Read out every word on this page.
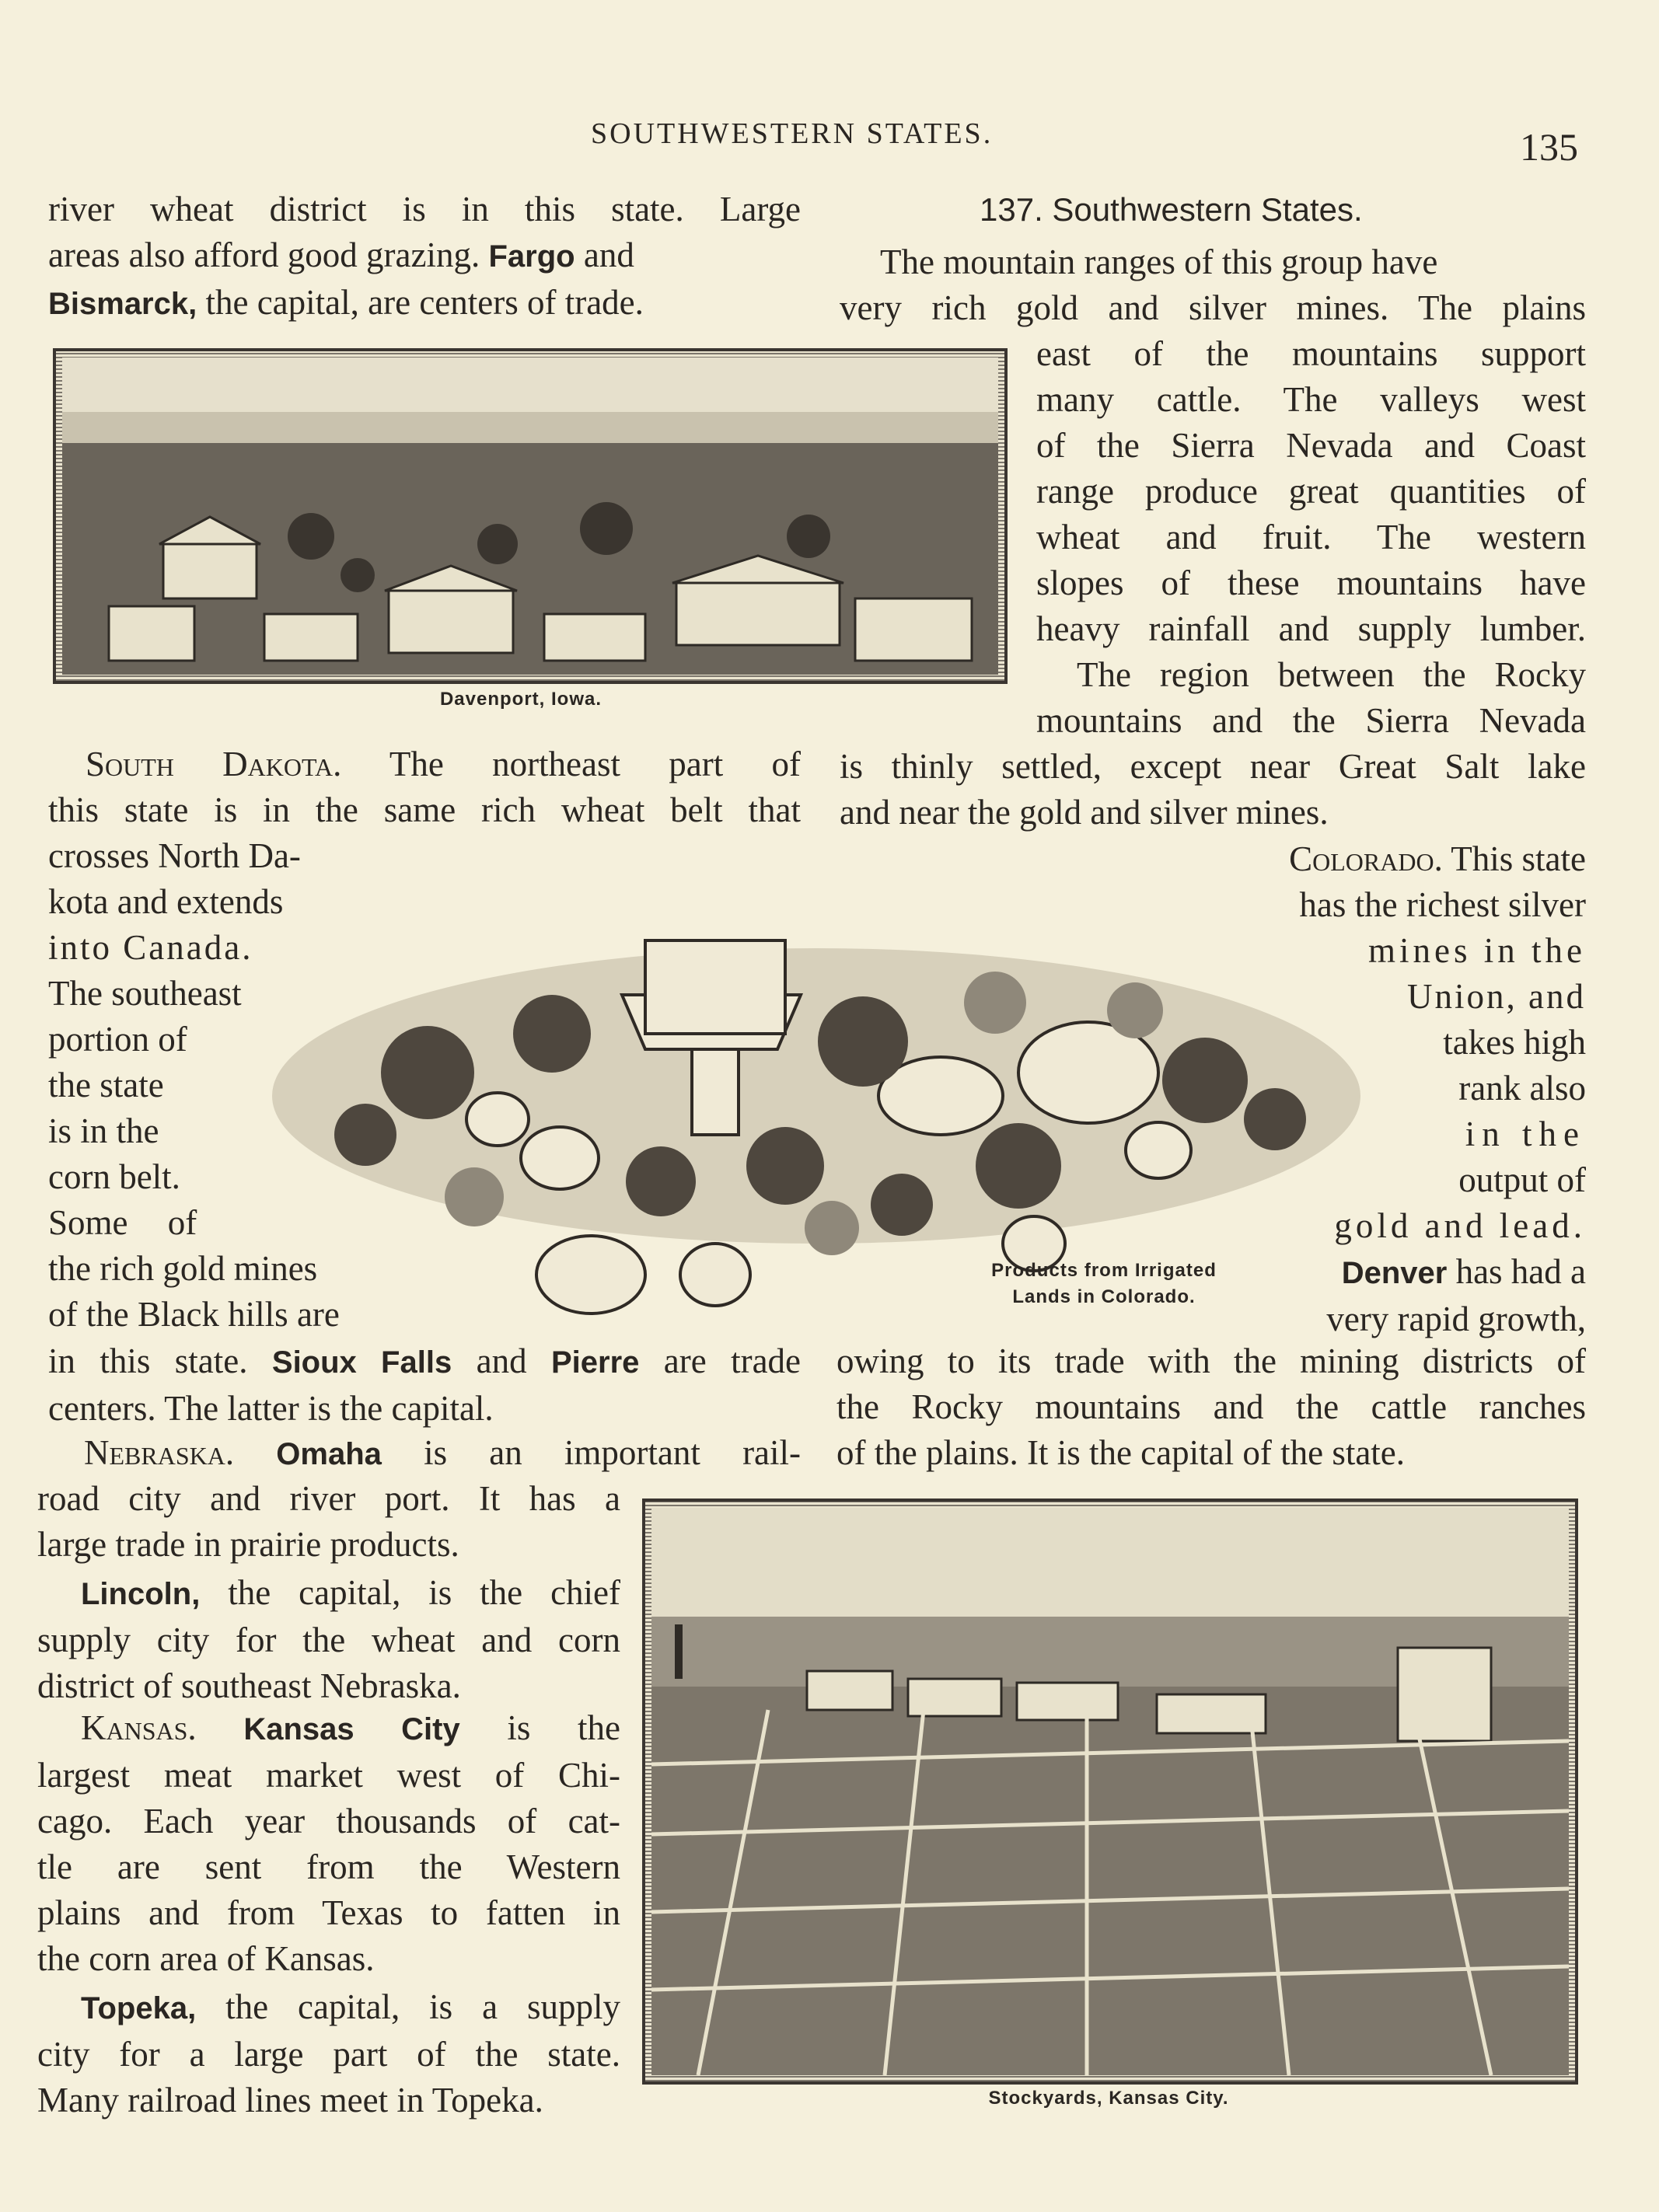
SOUTHWESTERN STATES.	135
river wheat district is in this state. Large
areas also afford good grazing. Fargo and
Bismarck, the capital, are centers of trade.
Davenport, Iowa.
137. Southwestern States.
The mountain ranges of this group have
very rich gold and silver mines. The plains
east of the mountains support
many cattle. The valleys west
of the Sierra Nevada and Coast
range produce great quantities of
wheat and fruit. The western
slopes of these mountains have
heavy rainfall and supply lumber.
The region between the Rocky
mountains and the Sierra Nevada
is thinly settled, except near Great Salt lake
and near the gold and silver mines.
Colorado. This state
has the richest silver
mines in the
Union, and
takes high
rank also
in the
output of
gold and lead.
Denver has had a
very rapid growth,
owing to its trade with the mining districts of
the Rocky mountains and the cattle ranches
of the plains. It is the capital of the state.
South Dakota. The northeast part of
this state is in the same rich wheat belt that
crosses North Da-
kota and extends
into Canada.
The southeast
portion of
the state
is in the
corn belt.
Some of
the rich gold mines
of the Black hills are
in this state. Sioux Falls and Pierre are trade
centers. The latter is the capital.
Products from Irrigated
Lands in Colorado.
Nebraska. Omaha is an important rail-
road city and river port. It has a
large trade in prairie products.
Lincoln, the capital, is the chief
supply city for the wheat and corn
district of southeast Nebraska.
Kansas. Kansas City is the
largest meat market west of Chi-
cago. Each year thousands of cat-
tle are sent from the Western
plains and from Texas to fatten in
the corn area of Kansas.
Topeka, the capital, is a supply
city for a large part of the state.
Many railroad lines meet in Topeka.	Stockyards, Kansas City.
